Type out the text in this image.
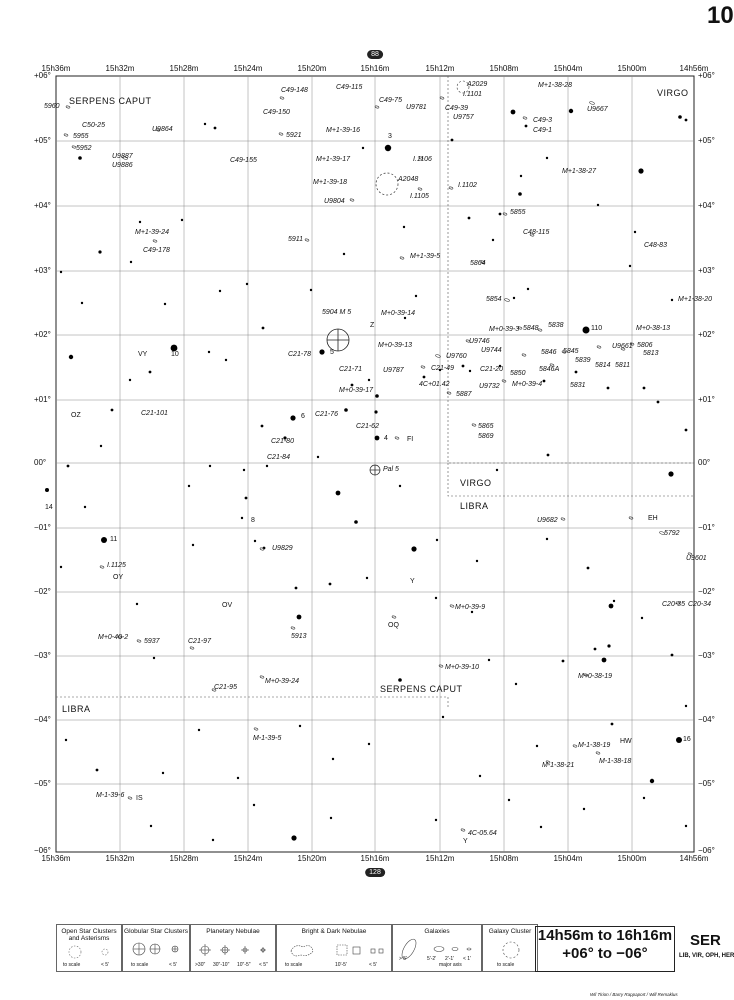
10
88
128
SERPENS CAPUT
VIRGO
VIRGO
LIBRA
SERPENS CAPUT
LIBRA
5960
C50-25
5955
5952
U9864
U9887
U9886
C49-148	C49-115
C49-150
5921
C49-155
M+1-39-16
M+1-39-17
M+1-39-18
U9804
C49-75
U9781
A2029
I.1101
C49-39
U9757
I.1106
A2048
I.1105
I.1102
M+1-38-28
C49-3
C49-1
U9667
M+1-38-27
5855
C48-115
C48-83
M+1-39-24
C49-178
5911
M+1-39-5
5864
5854	M+1-38-20
5904 M 5	M+0-39-14
M+0-39-3 5848 5838	M+0-38-13
C21-78
M+0-39-13
U9746
U9744
U9760
5846 5845
5839
U9661 5806
5813
5814 5811
C21-71	U9787	C21-49	C21-20
5850
5846A
M+0-39-17
4C+01.42
5887
U9732 M+0-39-4	5831
C21-101	C21-76
C21-62	5865
5869
C21-80
C21-84
Pal 5
U9682
5792
U9829
I.1125
U9601
M+0-39-9	C20-35 C20-34
M+0-40-2
5937	C21-97
5913
M+0-39-10
M+0-38-19
C21-95
M+0-39-24
M-1-39-5
M-1-38-19
M-1-38-21
M-1-38-18
M-1-39-6
4C-05.64
VY	10
3
110
5
6
4	FI
OZ
14
11
8
OY
Y
OV
OQ
EH
HW	16
IS
Y
Z
Open Star Clusters and Asterisms
to scale	< 5'
Globular Star Clusters
to scale	< 5'
Planetary Nebulae
>30" 30"-10" 10"-5" < 5"
Bright & Dark Nebulae
to scale	10'-5'	< 5'
Galaxies
> 5'	5'-2' 2'-1' < 1'
major axis
Galaxy Cluster
to scale
14h56m to 16h16m
+06° to −06°
SER
LIB, VIR, OPH, HER
Wil Tirion / Barry Rappaport / Will Remaklus
15h36m
15h36m
15h32m
15h32m
15h28m
15h28m
15h24m
15h24m
15h20m
15h20m
15h16m
15h16m
15h12m
15h12m
15h08m
15h08m
15h04m
15h04m
15h00m
15h00m
14h56m
14h56m
+06°	+06°
+05°	+05°
+04°	+04°
+03°	+03°
+02°	+02°
+01°	+01°
00°	00°
−01°	−01°
−02°	−02°
−03°	−03°
−04°	−04°
−05°	−05°
−06°	−06°
